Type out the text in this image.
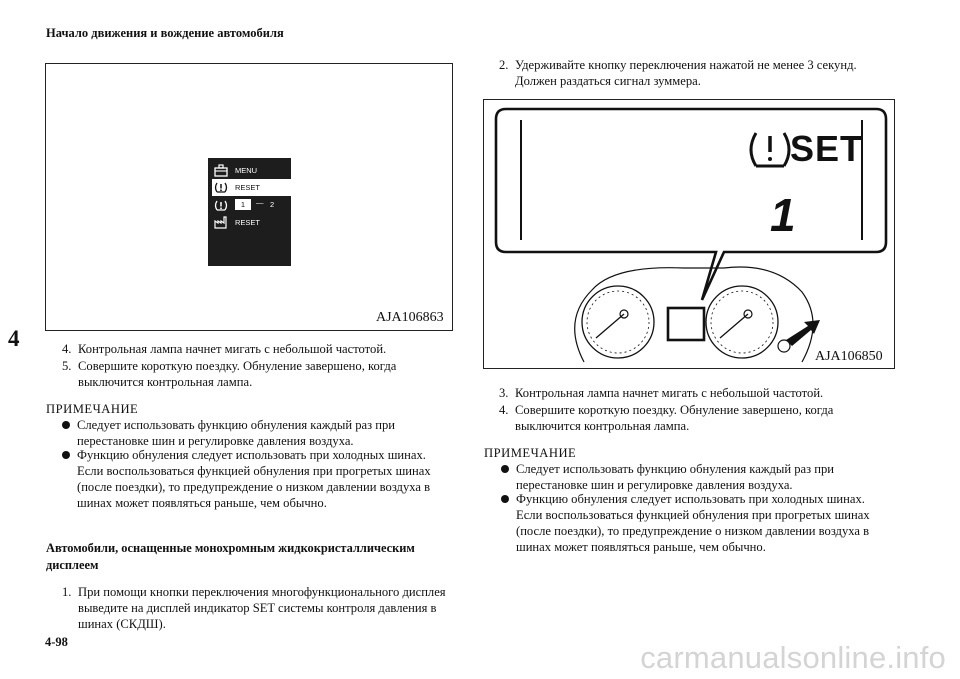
Начало движения и вождение автомобиля
4
4-98	carmanualsonline.info
MENU
RESET
1	— 2
RESET
AJA106863
4. Контрольная лампа начнет мигать с небольшой частотой.
5. Совершите короткую поездку. Обнуление завершено, когда выключится контрольная лампа.
ПРИМЕЧАНИЕ
Следует использовать функцию обнуления каждый раз при перестановке шин и регулировке давления воздуха.
Функцию обнуления следует использовать при холодных шинах. Если воспользоваться функцией обнуления при прогретых шинах (после поездки), то предупреждение о низком давлении воздуха в шинах может появляться раньше, чем обычно.
Автомобили, оснащенные монохромным жидкокристаллическим дисплеем
1. При помощи кнопки переключения многофункционального дисплея выведите на дисплей индикатор SET системы контроля давления в шинах (СКДШ).
2. Удерживайте кнопку переключения нажатой не менее 3 секунд. Должен раздаться сигнал зуммера.
SET
1
AJA106850
3. Контрольная лампа начнет мигать с небольшой частотой.
4. Совершите короткую поездку. Обнуление завершено, когда выключится контрольная лампа.
ПРИМЕЧАНИЕ
Следует использовать функцию обнуления каждый раз при перестановке шин и регулировке давления воздуха.
Функцию обнуления следует использовать при холодных шинах. Если воспользоваться функцией обнуления при прогретых шинах (после поездки), то предупреждение о низком давлении воздуха в шинах может появляться раньше, чем обычно.
